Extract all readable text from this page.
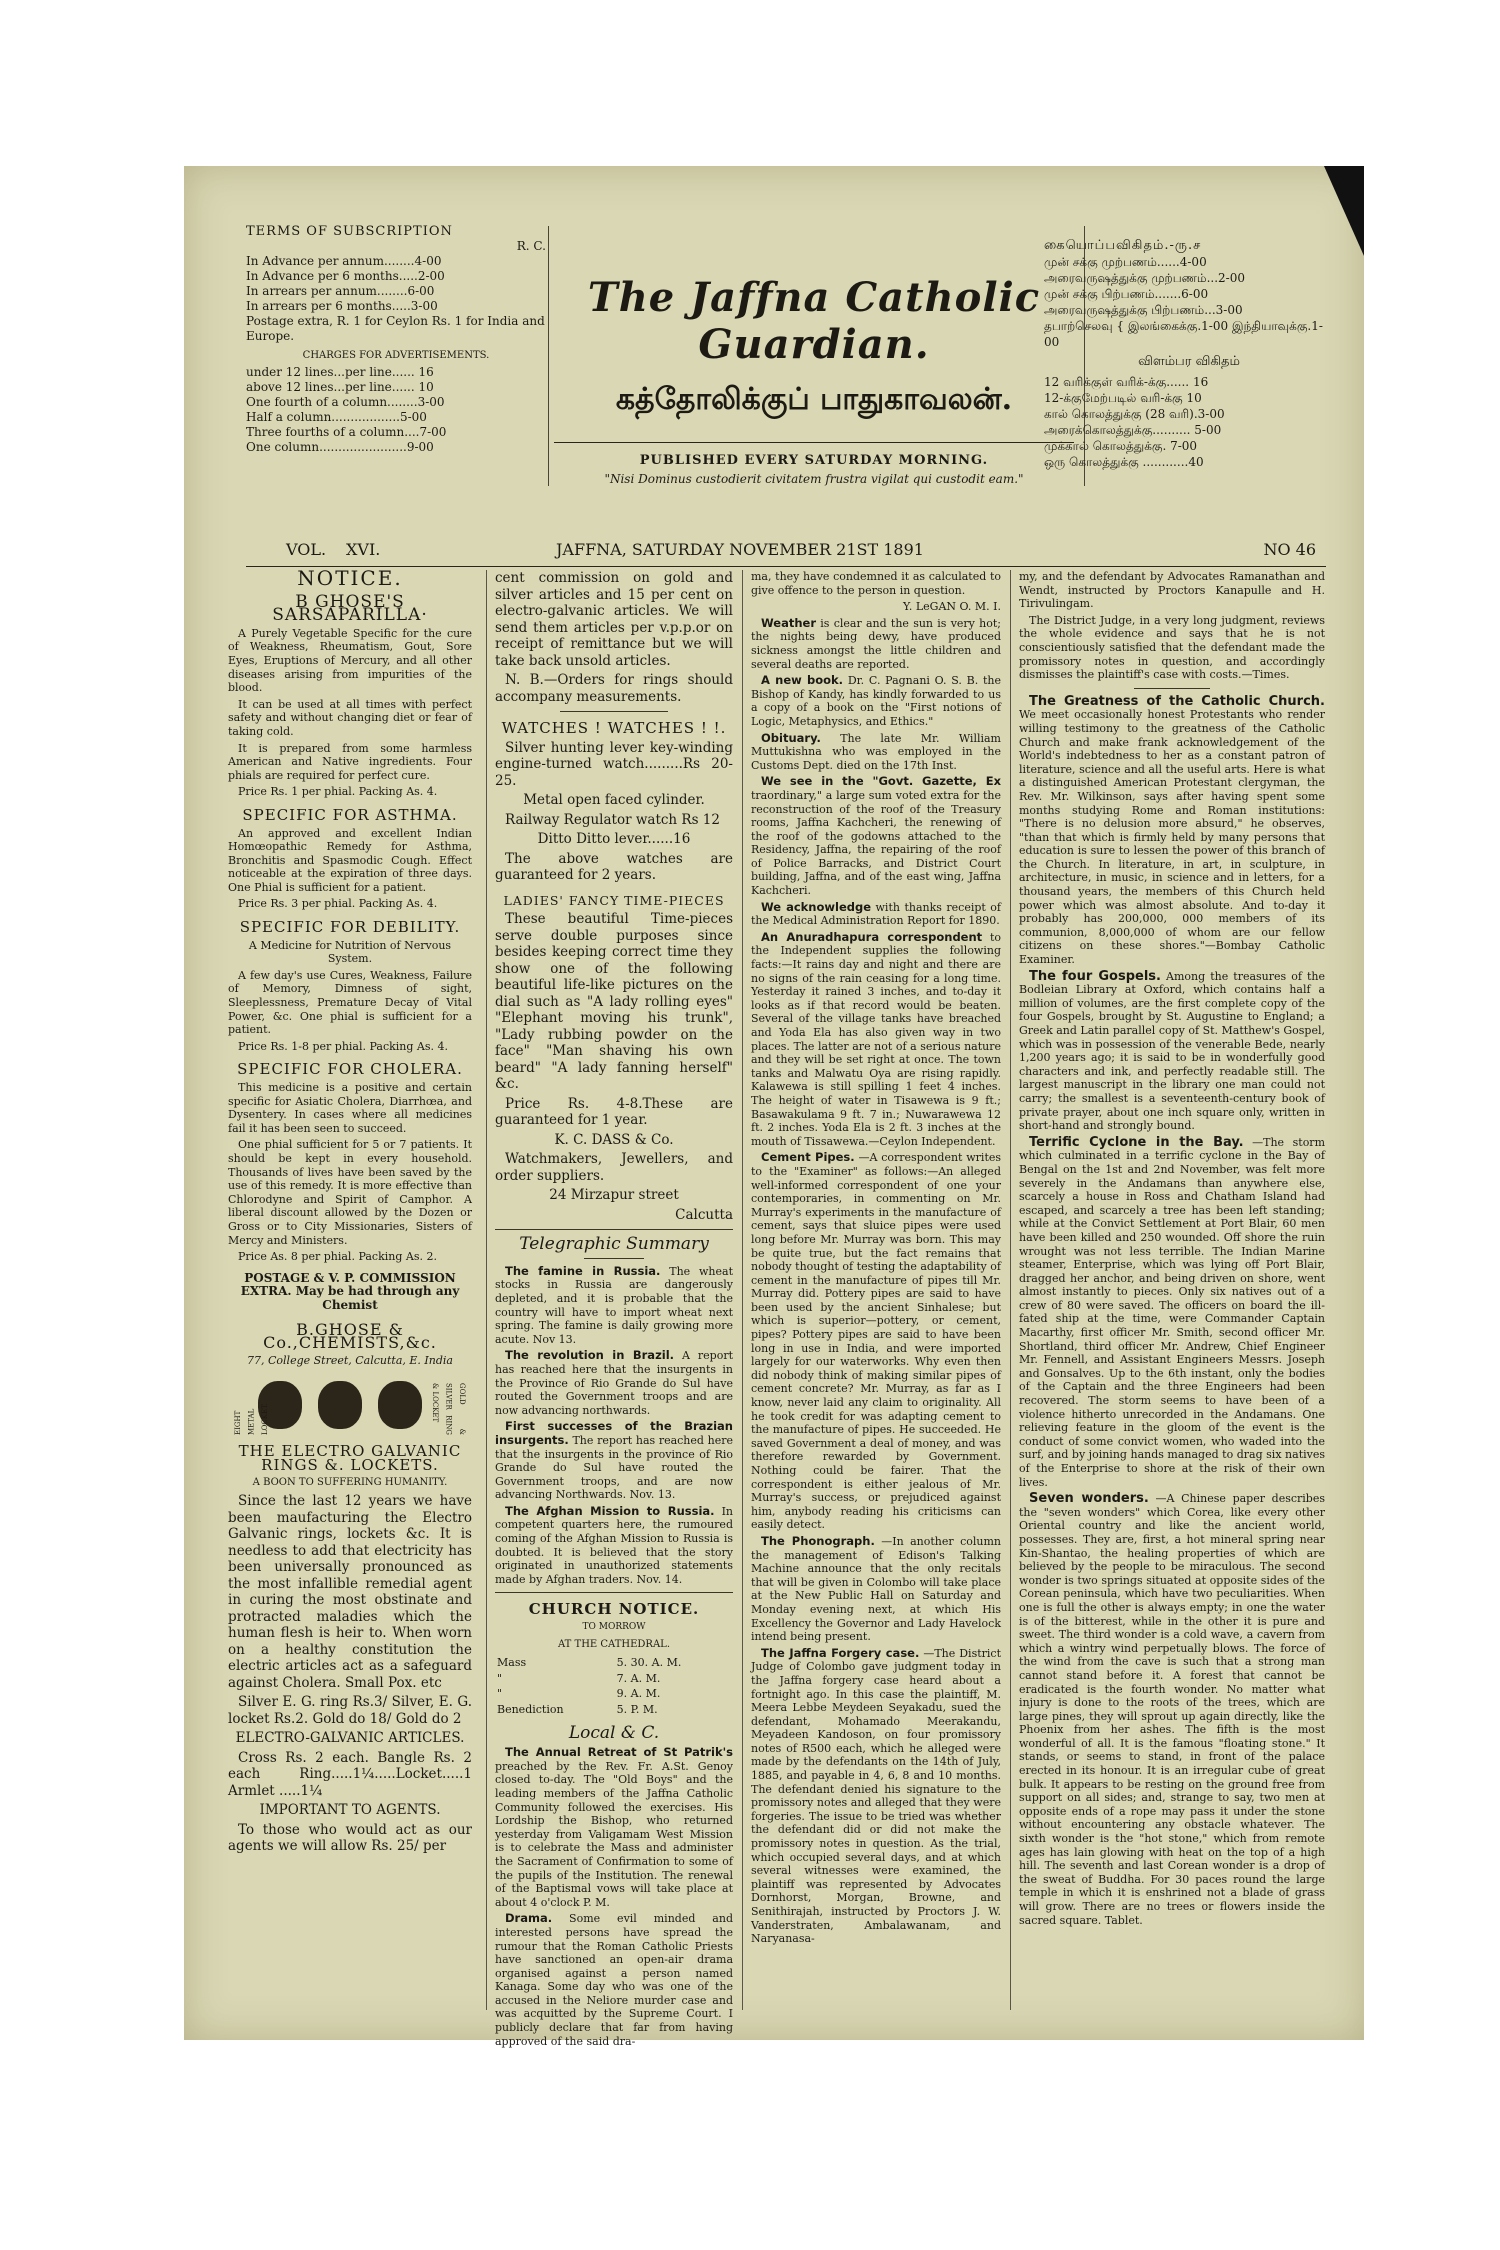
TERMS OF SUBSCRIPTION
R. C.
In Advance per annum........4-00
In Advance per 6 months.....2-00
In arrears per annum........6-00
In arrears per 6 months.....3-00
Postage extra, R. 1 for Ceylon Rs. 1 for India and Europe.
CHARGES FOR ADVERTISEMENTS.
under 12 lines...per line...... 16
above 12 lines...per line...... 10
One fourth of a column........3-00
Half a column..................5-00
Three fourths of a column....7-00
One column.......................9-00
The Jaffna Catholic Guardian.
கத்தோலிக்குப் பாதுகாவலன்.
PUBLISHED EVERY SATURDAY MORNING.
"Nisi Dominus custodierit civitatem frustra vigilat qui custodit eam."
கையொப்பவிகிதம்.-ரு.ச
முன் சக்கு முற்பணம்......4-00
அரைவருஷத்துக்கு முற்பணம்...2-00
முன் சக்கு பிற்பணம்.......6-00
அரைவருஷத்துக்கு பிற்பணம்...3-00
தபாற்செலவு { இலங்கைக்கு.1-00 இந்தியாவுக்கு.1-00
விளம்பர விகிதம்
12 வரிக்குள் வரிக்-க்கு...... 16
12-க்குமேற்படில் வரி-க்கு 10
கால் கொலத்துக்கு (28 வரி).3-00
அரைக்கொலத்துக்கு.......... 5-00
முக்கால் கொலத்துக்கு. 7-00
ஒரு கொலத்துக்கு ............40
VOL. XVI.	JAFFNA, SATURDAY NOVEMBER 21ST 1891	NO 46
NOTICE.
B GHOSE'S SARSAPARILLA·

A Purely Vegetable Specific for the cure of Weakness, Rheumatism, Gout, Sore Eyes, Eruptions of Mercury, and all other diseases arising from impurities of the blood.

It can be used at all times with perfect safety and without changing diet or fear of taking cold.

It is prepared from some harmless American and Native ingredients. Four phials are required for perfect cure.

Price Rs. 1 per phial. Packing As. 4.

SPECIFIC FOR ASTHMA.

An approved and excellent Indian Homœopathic Remedy for Asthma, Bronchitis and Spasmodic Cough. Effect noticeable at the expiration of three days. One Phial is sufficient for a patient.

Price Rs. 3 per phial. Packing As. 4.

SPECIFIC FOR DEBILITY.

A Medicine for Nutrition of Nervous System.

A few day's use Cures, Weakness, Failure of Memory, Dimness of sight, Sleeplessness, Premature Decay of Vital Power, &c. One phial is sufficient for a patient.

Price Rs. 1-8 per phial. Packing As. 4.

SPECIFIC FOR CHOLERA.

This medicine is a positive and certain specific for Asiatic Cholera, Diarrhœa, and Dysentery. In cases where all medicines fail it has been seen to succeed.

One phial sufficient for 5 or 7 patients. It should be kept in every household. Thousands of lives have been saved by the use of this remedy. It is more effective than Chlorodyne and Spirit of Camphor. A liberal discount allowed by the Dozen or Gross or to City Missionaries, Sisters of Mercy and Ministers.

Price As. 8 per phial. Packing As. 2.

POSTAGE & V. P. COMMISSION EXTRA. May be had through any Chemist
B.GHOSE & Co.,CHEMISTS,&c.

77, College Street, Calcutta, E. India

EIGHT METAL LOCKET.	GOLD & SILVER RING & LOCKET
THE ELECTRO GALVANIC RINGS &. LOCKETS.

A BOON TO SUFFERING HUMANITY.

Since the last 12 years we have been maufacturing the Electro Galvanic rings, lockets &c. It is needless to add that electricity has been universally pronounced as the most infallible remedial agent in curing the most obstinate and protracted maladies which the human flesh is heir to. When worn on a healthy constitution the electric articles act as a safeguard against Cholera. Small Pox. etc

Silver E. G. ring Rs.3/ Silver, E. G. locket Rs.2. Gold do 18/ Gold do 2

ELECTRO-GALVANIC ARTICLES.

Cross Rs. 2 each. Bangle Rs. 2 each Ring.....1¼.....Locket.....1 Armlet .....1¼

IMPORTANT TO AGENTS.

To those who would act as our agents we will allow Rs. 25/ per

cent commission on gold and silver articles and 15 per cent on electro-galvanic articles. We will send them articles per v.p.p.or on receipt of remittance but we will take back unsold articles.

N. B.—Orders for rings should accompany measurements.

WATCHES ! WATCHES ! !.

Silver hunting lever key-winding engine-turned watch.........Rs 20-25.

Metal open faced cylinder.

Railway Regulator watch Rs 12

Ditto Ditto lever......16

The above watches are guaranteed for 2 years.

LADIES' FANCY TIME-PIECES

These beautiful Time-pieces serve double purposes since besides keeping correct time they show one of the following beautiful life-like pictures on the dial such as "A lady rolling eyes" "Elephant moving his trunk", "Lady rubbing powder on the face" "Man shaving his own beard" "A lady fanning herself" &c.

Price Rs. 4-8.These are guaranteed for 1 year.

K. C. DASS & Co.

Watchmakers, Jewellers, and order suppliers.

24 Mirzapur street

Calcutta

Telegraphic Summary

The famine in Russia. The wheat stocks in Russia are dangerously depleted, and it is probable that the country will have to import wheat next spring. The famine is daily growing more acute. Nov 13.

The revolution in Brazil. A report has reached here that the insurgents in the Province of Rio Grande do Sul have routed the Government troops and are now advancing northwards.

First successes of the Brazian insurgents. The report has reached here that the insurgents in the province of Rio Grande do Sul have routed the Government troops, and are now advancing Northwards. Nov. 13.

The Afghan Mission to Russia. In competent quarters here, the rumoured coming of the Afghan Mission to Russia is doubted. It is believed that the story originated in unauthorized statements made by Afghan traders. Nov. 14.

CHURCH NOTICE.

TO MORROW

AT THE CATHEDRAL.

Mass	5. 30. A. M.
"	7. A. M.
"	9. A. M.
Benediction	5. P. M.
Local & C.

The Annual Retreat of St Patrik's preached by the Rev. Fr. A.St. Genoy closed to-day. The "Old Boys" and the leading members of the Jaffna Catholic Community followed the exercises. His Lordship the Bishop, who returned yesterday from Valigamam West Mission is to celebrate the Mass and administer the Sacrament of Confirmation to some of the pupils of the Institution. The renewal of the Baptismal vows will take place at about 4 o'clock P. M.

Drama. Some evil minded and interested persons have spread the rumour that the Roman Catholic Priests have sanctioned an open-air drama organised against a person named Kanaga. Some day who was one of the accused in the Neliore murder case and was acquitted by the Supreme Court. I publicly declare that far from having approved of the said dra-

ma, they have condemned it as calculated to give offence to the person in question.

Y. LeGAN O. M. I.

Weather is clear and the sun is very hot; the nights being dewy, have produced sickness amongst the little children and several deaths are reported.

A new book. Dr. C. Pagnani O. S. B. the Bishop of Kandy, has kindly forwarded to us a copy of a book on the "First notions of Logic, Metaphysics, and Ethics."

Obituary. The late Mr. William Muttukishna who was employed in the Customs Dept. died on the 17th Inst.

We see in the "Govt. Gazette, Ex traordinary," a large sum voted extra for the reconstruction of the roof of the Treasury rooms, Jaffna Kachcheri, the renewing of the roof of the godowns attached to the Residency, Jaffna, the repairing of the roof of Police Barracks, and District Court building, Jaffna, and of the east wing, Jaffna Kachcheri.

We acknowledge with thanks receipt of the Medical Administration Report for 1890.

An Anuradhapura correspondent to the Independent supplies the following facts:—It rains day and night and there are no signs of the rain ceasing for a long time. Yesterday it rained 3 inches, and to-day it looks as if that record would be beaten. Several of the village tanks have breached and Yoda Ela has also given way in two places. The latter are not of a serious nature and they will be set right at once. The town tanks and Malwatu Oya are rising rapidly. Kalawewa is still spilling 1 feet 4 inches. The height of water in Tisawewa is 9 ft.; Basawakulama 9 ft. 7 in.; Nuwarawewa 12 ft. 2 inches. Yoda Ela is 2 ft. 3 inches at the mouth of Tissawewa.—Ceylon Independent.

Cement Pipes. —A correspondent writes to the "Examiner" as follows:—An alleged well-informed correspondent of one your contemporaries, in commenting on Mr. Murray's experiments in the manufacture of cement, says that sluice pipes were used long before Mr. Murray was born. This may be quite true, but the fact remains that nobody thought of testing the adaptability of cement in the manufacture of pipes till Mr. Murray did. Pottery pipes are said to have been used by the ancient Sinhalese; but which is superior—pottery, or cement, pipes? Pottery pipes are said to have been long in use in India, and were imported largely for our waterworks. Why even then did nobody think of making similar pipes of cement concrete? Mr. Murray, as far as I know, never laid any claim to originality. All he took credit for was adapting cement to the manufacture of pipes. He succeeded. He saved Government a deal of money, and was therefore rewarded by Government. Nothing could be fairer. That the correspondent is either jealous of Mr. Murray's success, or prejudiced against him, anybody reading his criticisms can easily detect.

The Phonograph. —In another column the management of Edison's Talking Machine announce that the only recitals that will be given in Colombo will take place at the New Public Hall on Saturday and Monday evening next, at which His Excellency the Governor and Lady Havelock intend being present.

The Jaffna Forgery case. —The District Judge of Colombo gave judgment today in the Jaffna forgery case heard about a fortnight ago. In this case the plaintiff, M. Meera Lebbe Meydeen Seyakadu, sued the defendant, Mohamado Meerakandu, Meyadeen Kandoson, on four promissory notes of R500 each, which he alleged were made by the defendants on the 14th of July, 1885, and payable in 4, 6, 8 and 10 months. The defendant denied his signature to the promissory notes and alleged that they were forgeries. The issue to be tried was whether the defendant did or did not make the promissory notes in question. As the trial, which occupied several days, and at which several witnesses were examined, the plaintiff was represented by Advocates Dornhorst, Morgan, Browne, and Senithirajah, instructed by Proctors J. W. Vanderstraten, Ambalawanam, and Naryanasa-

my, and the defendant by Advocates Ramanathan and Wendt, instructed by Proctors Kanapulle and H. Tirivulingam.

The District Judge, in a very long judgment, reviews the whole evidence and says that he is not conscientiously satisfied that the defendant made the promissory notes in question, and accordingly dismisses the plaintiff's case with costs.—Times.

The Greatness of the Catholic Church. We meet occasionally honest Protestants who render willing testimony to the greatness of the Catholic Church and make frank acknowledgement of the World's indebtedness to her as a constant patron of literature, science and all the useful arts. Here is what a distinguished American Protestant clergyman, the Rev. Mr. Wilkinson, says after having spent some months studying Rome and Roman institutions: "There is no delusion more absurd," he observes, "than that which is firmly held by many persons that education is sure to lessen the power of this branch of the Church. In literature, in art, in sculpture, in architecture, in music, in science and in letters, for a thousand years, the members of this Church held power which was almost absolute. And to-day it probably has 200,000, 000 members of its communion, 8,000,000 of whom are our fellow citizens on these shores."—Bombay Catholic Examiner.

The four Gospels. Among the treasures of the Bodleian Library at Oxford, which contains half a million of volumes, are the first complete copy of the four Gospels, brought by St. Augustine to England; a Greek and Latin parallel copy of St. Matthew's Gospel, which was in possession of the venerable Bede, nearly 1,200 years ago; it is said to be in wonderfully good characters and ink, and perfectly readable still. The largest manuscript in the library one man could not carry; the smallest is a seventeenth-century book of private prayer, about one inch square only, written in short-hand and strongly bound.

Terrific Cyclone in the Bay. —The storm which culminated in a terrific cyclone in the Bay of Bengal on the 1st and 2nd November, was felt more severely in the Andamans than anywhere else, scarcely a house in Ross and Chatham Island had escaped, and scarcely a tree has been left standing; while at the Convict Settlement at Port Blair, 60 men have been killed and 250 wounded. Off shore the ruin wrought was not less terrible. The Indian Marine steamer, Enterprise, which was lying off Port Blair, dragged her anchor, and being driven on shore, went almost instantly to pieces. Only six natives out of a crew of 80 were saved. The officers on board the ill-fated ship at the time, were Commander Captain Macarthy, first officer Mr. Smith, second officer Mr. Shortland, third officer Mr. Andrew, Chief Engineer Mr. Fennell, and Assistant Engineers Messrs. Joseph and Gonsalves. Up to the 6th instant, only the bodies of the Captain and the three Engineers had been recovered. The storm seems to have been of a violence hitherto unrecorded in the Andamans. One relieving feature in the gloom of the event is the conduct of some convict women, who waded into the surf, and by joining hands managed to drag six natives of the Enterprise to shore at the risk of their own lives.

Seven wonders. —A Chinese paper describes the "seven wonders" which Corea, like every other Oriental country and like the ancient world, possesses. They are, first, a hot mineral spring near Kin-Shantao, the healing properties of which are believed by the people to be miraculous. The second wonder is two springs situated at opposite sides of the Corean peninsula, which have two peculiarities. When one is full the other is always empty; in one the water is of the bitterest, while in the other it is pure and sweet. The third wonder is a cold wave, a cavern from which a wintry wind perpetually blows. The force of the wind from the cave is such that a strong man cannot stand before it. A forest that cannot be eradicated is the fourth wonder. No matter what injury is done to the roots of the trees, which are large pines, they will sprout up again directly, like the Phoenix from her ashes. The fifth is the most wonderful of all. It is the famous "floating stone." It stands, or seems to stand, in front of the palace erected in its honour. It is an irregular cube of great bulk. It appears to be resting on the ground free from support on all sides; and, strange to say, two men at opposite ends of a rope may pass it under the stone without encountering any obstacle whatever. The sixth wonder is the "hot stone," which from remote ages has lain glowing with heat on the top of a high hill. The seventh and last Corean wonder is a drop of the sweat of Buddha. For 30 paces round the large temple in which it is enshrined not a blade of grass will grow. There are no trees or flowers inside the sacred square. Tablet.
